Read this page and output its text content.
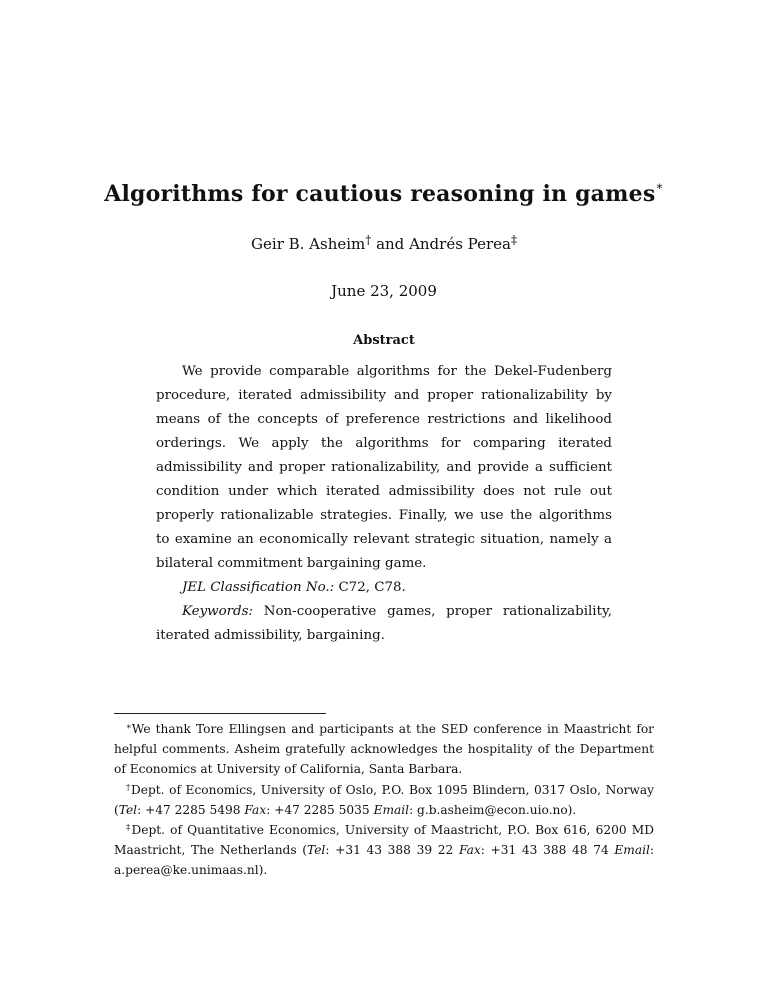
Algorithms for cautious reasoning in games∗
Geir B. Asheim† and Andrés Perea‡
June 23, 2009
Abstract

We provide comparable algorithms for the Dekel-Fudenberg procedure, iterated admissibility and proper rationalizability by means of the concepts of preference restrictions and likelihood orderings. We apply the algorithms for comparing iterated admissibility and proper rationalizability, and provide a sufficient condition under which iterated admissibility does not rule out properly rationalizable strategies. Finally, we use the algorithms to examine an economically relevant strategic situation, namely a bilateral commitment bargaining game.

JEL Classification No.: C72, C78.

Keywords: Non-cooperative games, proper rationalizability, iterated admissibility, bargaining.

∗We thank Tore Ellingsen and participants at the SED conference in Maastricht for helpful comments. Asheim gratefully acknowledges the hospitality of the Department of Economics at University of California, Santa Barbara.

†Dept. of Economics, University of Oslo, P.O. Box 1095 Blindern, 0317 Oslo, Norway (Tel: +47 2285 5498 Fax: +47 2285 5035 Email: g.b.asheim@econ.uio.no).

‡Dept. of Quantitative Economics, University of Maastricht, P.O. Box 616, 6200 MD Maastricht, The Netherlands (Tel: +31 43 388 39 22 Fax: +31 43 388 48 74 Email: a.perea@ke.unimaas.nl).
